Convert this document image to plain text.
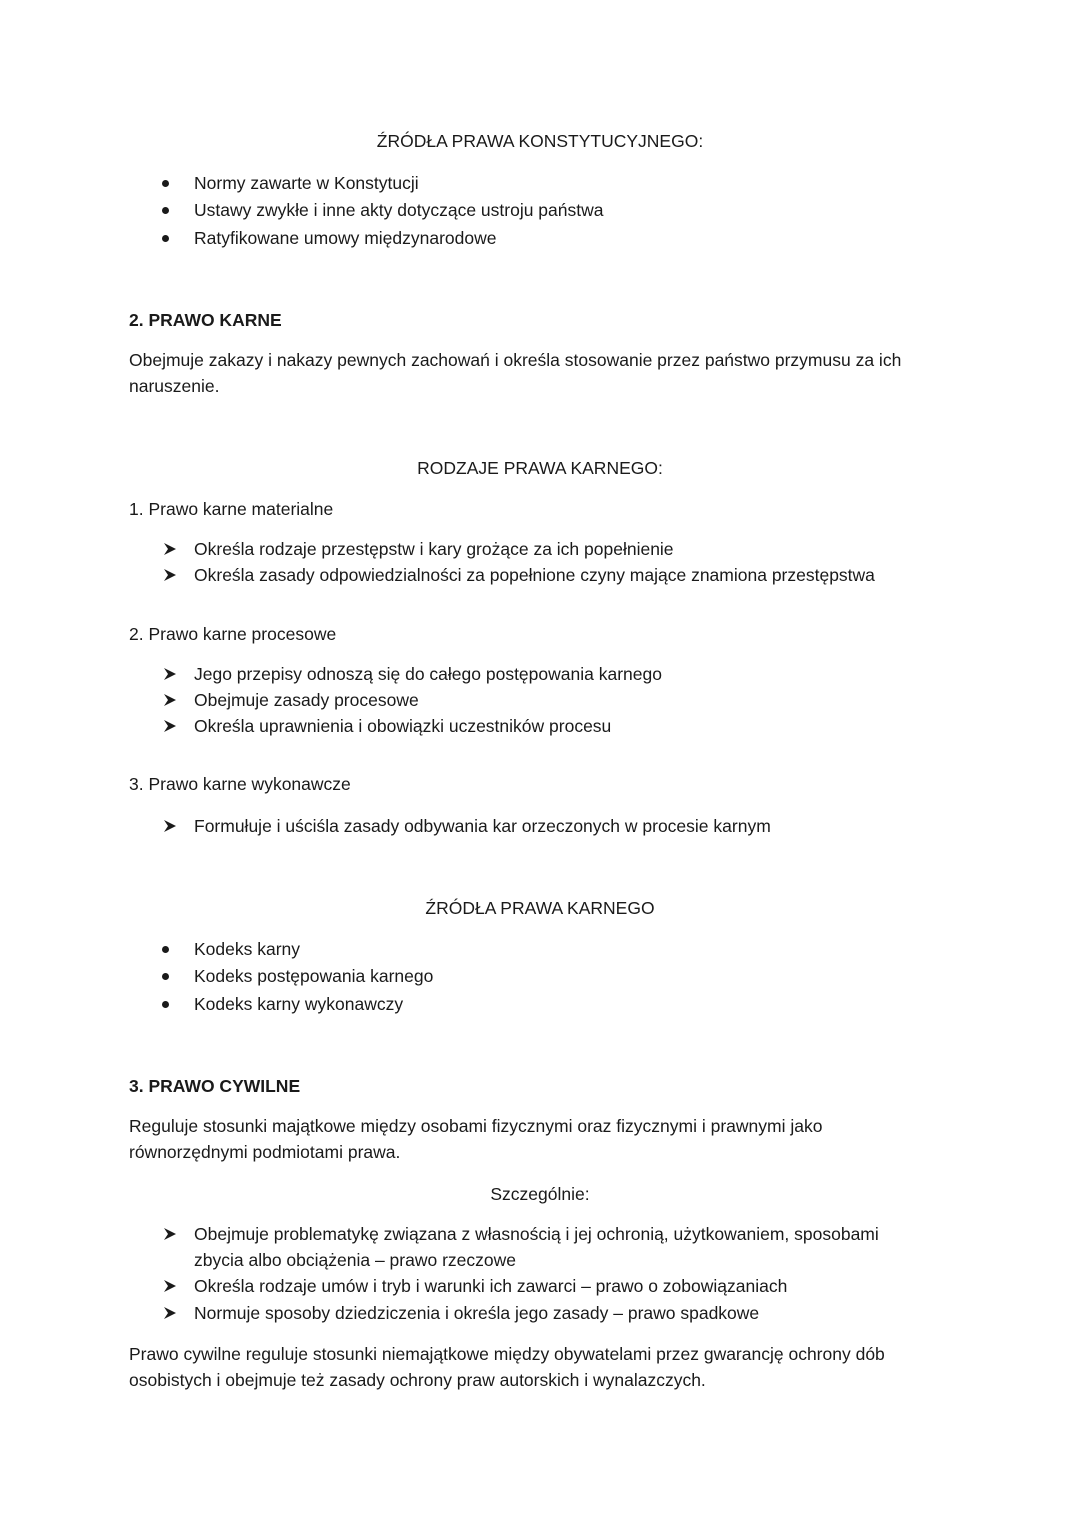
ŹRÓDŁA PRAWA KONSTYTUCYJNEGO:
Normy zawarte w Konstytucji
Ustawy zwykłe i inne akty dotyczące ustroju państwa
Ratyfikowane umowy międzynarodowe
2. PRAWO KARNE
Obejmuje zakazy i nakazy pewnych zachowań i określa stosowanie przez państwo przymusu za ich naruszenie.
RODZAJE PRAWA KARNEGO:
1. Prawo karne materialne
Określa rodzaje przestępstw i kary grożące za ich popełnienie
Określa zasady odpowiedzialności za popełnione czyny mające znamiona przestępstwa
2. Prawo karne procesowe
Jego przepisy odnoszą się do całego postępowania karnego
Obejmuje zasady procesowe
Określa uprawnienia i obowiązki uczestników procesu
3. Prawo karne wykonawcze
Formułuje i uściśla zasady odbywania kar orzeczonych w procesie karnym
ŹRÓDŁA PRAWA KARNEGO
Kodeks karny
Kodeks postępowania karnego
Kodeks karny wykonawczy
3. PRAWO CYWILNE
Reguluje stosunki majątkowe między osobami fizycznymi oraz fizycznymi i prawnymi jako równorzędnymi podmiotami prawa.
Szczególnie:
Obejmuje problematykę związana z własnością i jej ochronią, użytkowaniem, sposobami
zbycia albo obciążenia – prawo rzeczowe
Określa rodzaje umów i tryb i warunki ich zawarci – prawo o zobowiązaniach
Normuje sposoby dziedziczenia i określa jego zasady – prawo spadkowe
Prawo cywilne reguluje stosunki niemajątkowe między obywatelami przez gwarancję ochrony dób osobistych i obejmuje też zasady ochrony praw autorskich i wynalazczych.
